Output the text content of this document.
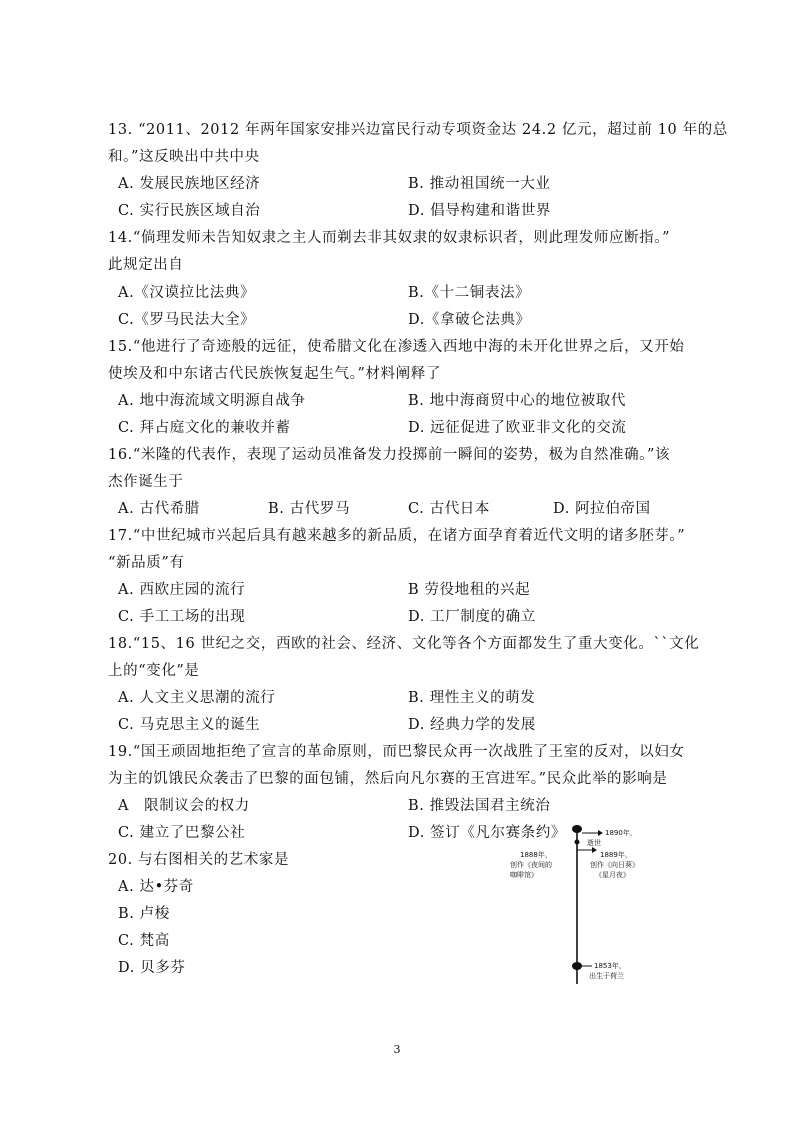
13. “2011、2012 年两年国家安排兴边富民行动专项资金达 24.2 亿元，超过前 10 年的总
和。”这反映出中共中央
A. 发展民族地区经济	B. 推动祖国统一大业
C. 实行民族区域自治	D. 倡导构建和谐世界
14.“倘理发师未告知奴隶之主人而剃去非其奴隶的奴隶标识者，则此理发师应断指。”
此规定出自
A.《汉谟拉比法典》	B.《十二铜表法》
C.《罗马民法大全》	D.《拿破仑法典》
15.“他进行了奇迹般的远征，使希腊文化在渗透入西地中海的未开化世界之后，又开始
使埃及和中东诸古代民族恢复起生气。”材料阐释了
A. 地中海流域文明源自战争	B. 地中海商贸中心的地位被取代
C. 拜占庭文化的兼收并蓄	D. 远征促进了欧亚非文化的交流
16.“米隆的代表作，表现了运动员准备发力投掷前一瞬间的姿势，极为自然准确。”该
杰作诞生于
A. 古代希腊	B. 古代罗马	C. 古代日本	D. 阿拉伯帝国
17.“中世纪城市兴起后具有越来越多的新品质，在诸方面孕育着近代文明的诸多胚芽。”
“新品质”有
A. 西欧庄园的流行	B 劳役地租的兴起
C. 手工工场的出现	D. 工厂制度的确立
18.“15、16 世纪之交，西欧的社会、经济、文化等各个方面都发生了重大变化。``文化
上的“变化”是
A. 人文主义思潮的流行	B. 理性主义的萌发
C. 马克思主义的诞生	D. 经典力学的发展
19.“国王顽固地拒绝了宣言的革命原则，而巴黎民众再一次战胜了王室的反对，以妇女
为主的饥饿民众袭击了巴黎的面包铺，然后向凡尔赛的王宫进军。”民众此举的影响是
A　限制议会的权力	B. 推毁法国君主统治
C. 建立了巴黎公社	D. 签订《凡尔赛条约》
20. 与右图相关的艺术家是
A. 达•芬奇
B. 卢梭
C. 梵高
D. 贝多芬
1890年，
逝世
1888年，
创作《夜间的
咖啡馆》
1889年，
创作《向日葵》
《星月夜》
1853年，
出生于荷兰
3
